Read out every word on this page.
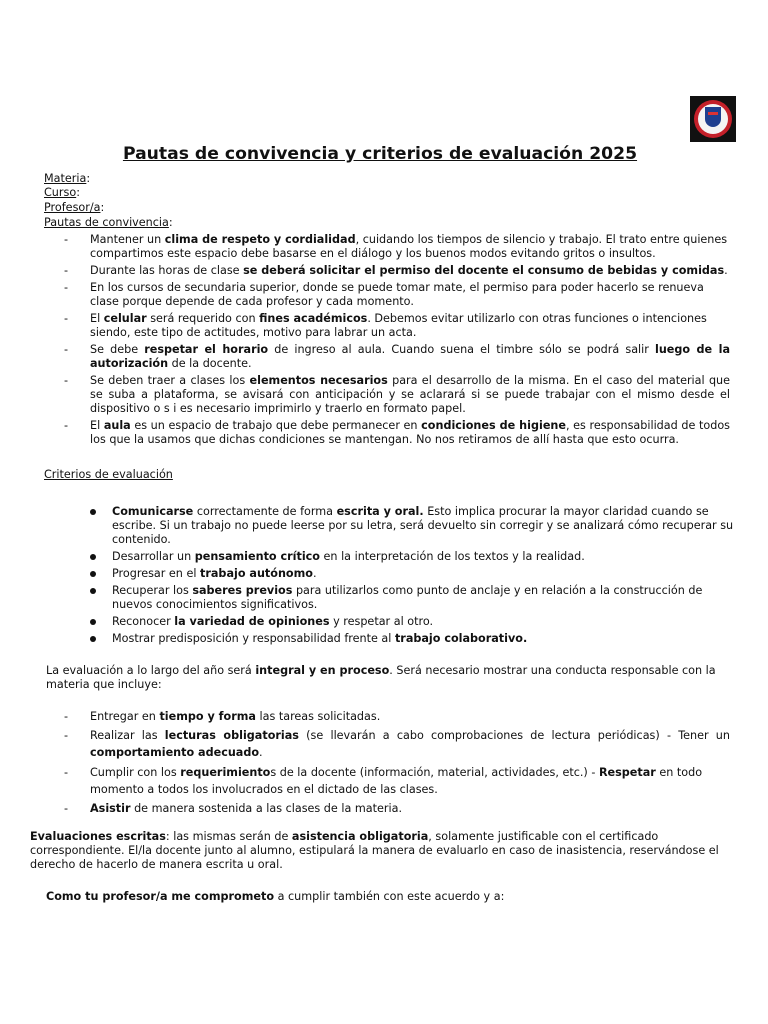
Pautas de convivencia y criterios de evaluación 2025
Materia:
Curso:
Profesor/a:
Pautas de convivencia:
- Mantener un clima de respeto y cordialidad, cuidando los tiempos de silencio y trabajo. El trato entre quienes compartimos este espacio debe basarse en el diálogo y los buenos modos evitando gritos o insultos.
- Durante las horas de clase se deberá solicitar el permiso del docente el consumo de bebidas y comidas.
- En los cursos de secundaria superior, donde se puede tomar mate, el permiso para poder hacerlo se renueva clase porque depende de cada profesor y cada momento.
- El celular será requerido con fines académicos. Debemos evitar utilizarlo con otras funciones o intenciones siendo, este tipo de actitudes, motivo para labrar un acta.
- Se debe respetar el horario de ingreso al aula. Cuando suena el timbre sólo se podrá salir luego de la autorización de la docente.
- Se deben traer a clases los elementos necesarios para el desarrollo de la misma. En el caso del material que se suba a plataforma, se avisará con anticipación y se aclarará si se puede trabajar con el mismo desde el dispositivo o s i es necesario imprimirlo y traerlo en formato papel.
- El aula es un espacio de trabajo que debe permanecer en condiciones de higiene, es responsabilidad de todos los que la usamos que dichas condiciones se mantengan. No nos retiramos de allí hasta que esto ocurra.
Criterios de evaluación
Comunicarse correctamente de forma escrita y oral. Esto implica procurar la mayor claridad cuando se escribe. Si un trabajo no puede leerse por su letra, será devuelto sin corregir y se analizará cómo recuperar su contenido.
Desarrollar un pensamiento crítico en la interpretación de los textos y la realidad.
Progresar en el trabajo autónomo.
Recuperar los saberes previos para utilizarlos como punto de anclaje y en relación a la construcción de nuevos conocimientos significativos.
Reconocer la variedad de opiniones y respetar al otro.
Mostrar predisposición y responsabilidad frente al trabajo colaborativo.
La evaluación a lo largo del año será integral y en proceso. Será necesario mostrar una conducta responsable con la materia que incluye:
- Entregar en tiempo y forma las tareas solicitadas.
- Realizar las lecturas obligatorias (se llevarán a cabo comprobaciones de lectura periódicas) - Tener un comportamiento adecuado.
- Cumplir con los requerimientos de la docente (información, material, actividades, etc.) - Respetar en todo momento a todos los involucrados en el dictado de las clases.
- Asistir de manera sostenida a las clases de la materia.
Evaluaciones escritas: las mismas serán de asistencia obligatoria, solamente justificable con el certificado correspondiente. El/la docente junto al alumno, estipulará la manera de evaluarlo en caso de inasistencia, reservándose el derecho de hacerlo de manera escrita u oral.
Como tu profesor/a me comprometo a cumplir también con este acuerdo y a:
